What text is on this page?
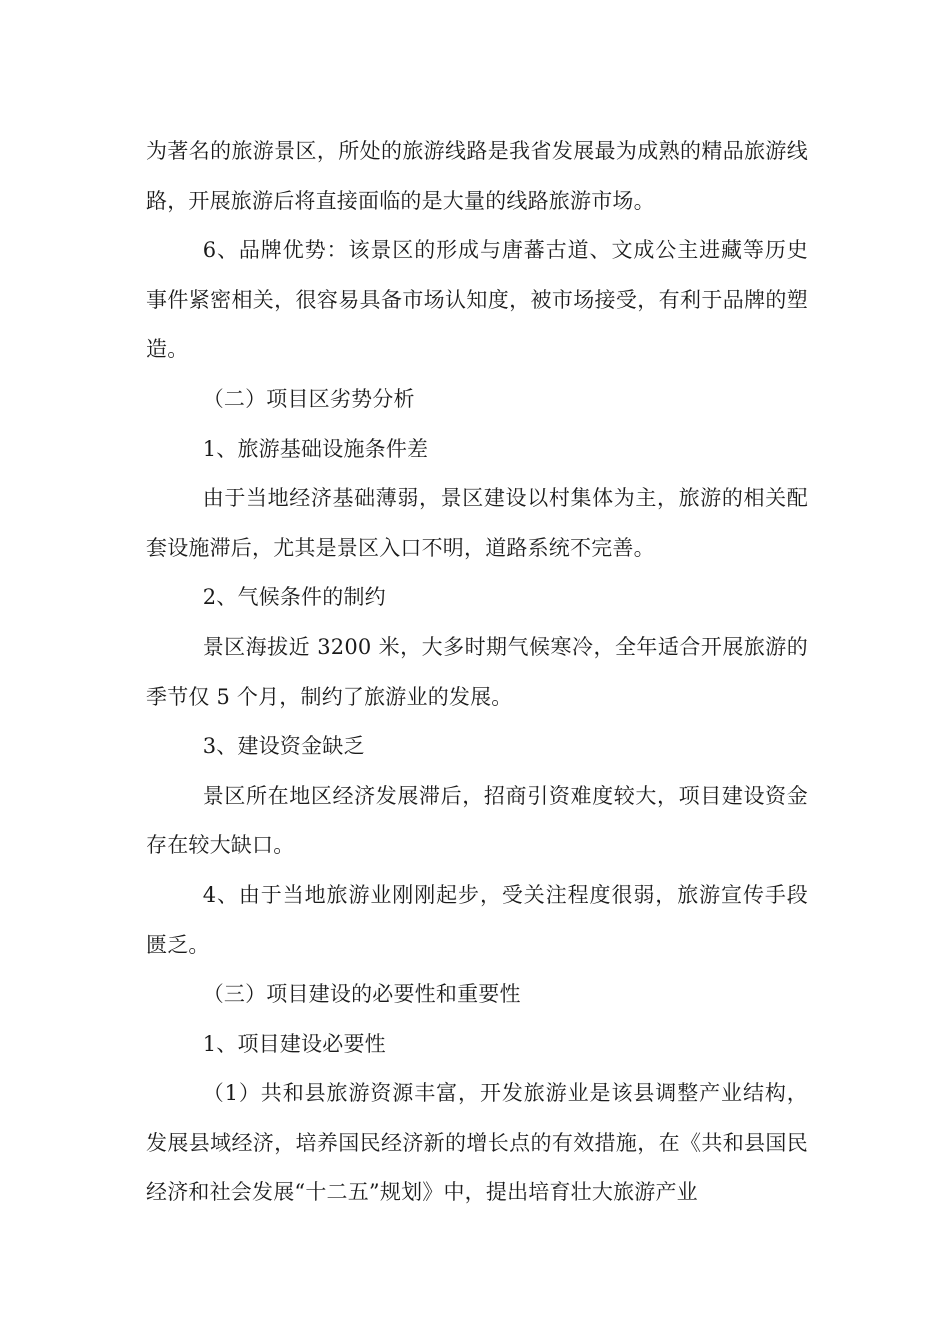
为著名的旅游景区，所处的旅游线路是我省发展最为成熟的精品旅游线路，开展旅游后将直接面临的是大量的线路旅游市场。

6、品牌优势：该景区的形成与唐蕃古道、文成公主进藏等历史事件紧密相关，很容易具备市场认知度，被市场接受，有利于品牌的塑造。

（二）项目区劣势分析

1、旅游基础设施条件差

由于当地经济基础薄弱，景区建设以村集体为主，旅游的相关配套设施滞后，尤其是景区入口不明，道路系统不完善。

2、气候条件的制约

景区海拔近 3200 米，大多时期气候寒冷，全年适合开展旅游的季节仅 5 个月，制约了旅游业的发展。

3、建设资金缺乏

景区所在地区经济发展滞后，招商引资难度较大，项目建设资金存在较大缺口。

4、由于当地旅游业刚刚起步，受关注程度很弱，旅游宣传手段匮乏。

（三）项目建设的必要性和重要性

1、项目建设必要性

（1）共和县旅游资源丰富，开发旅游业是该县调整产业结构，发展县域经济，培养国民经济新的增长点的有效措施，在《共和县国民经济和社会发展“十二五”规划》中，提出培育壮大旅游产业
